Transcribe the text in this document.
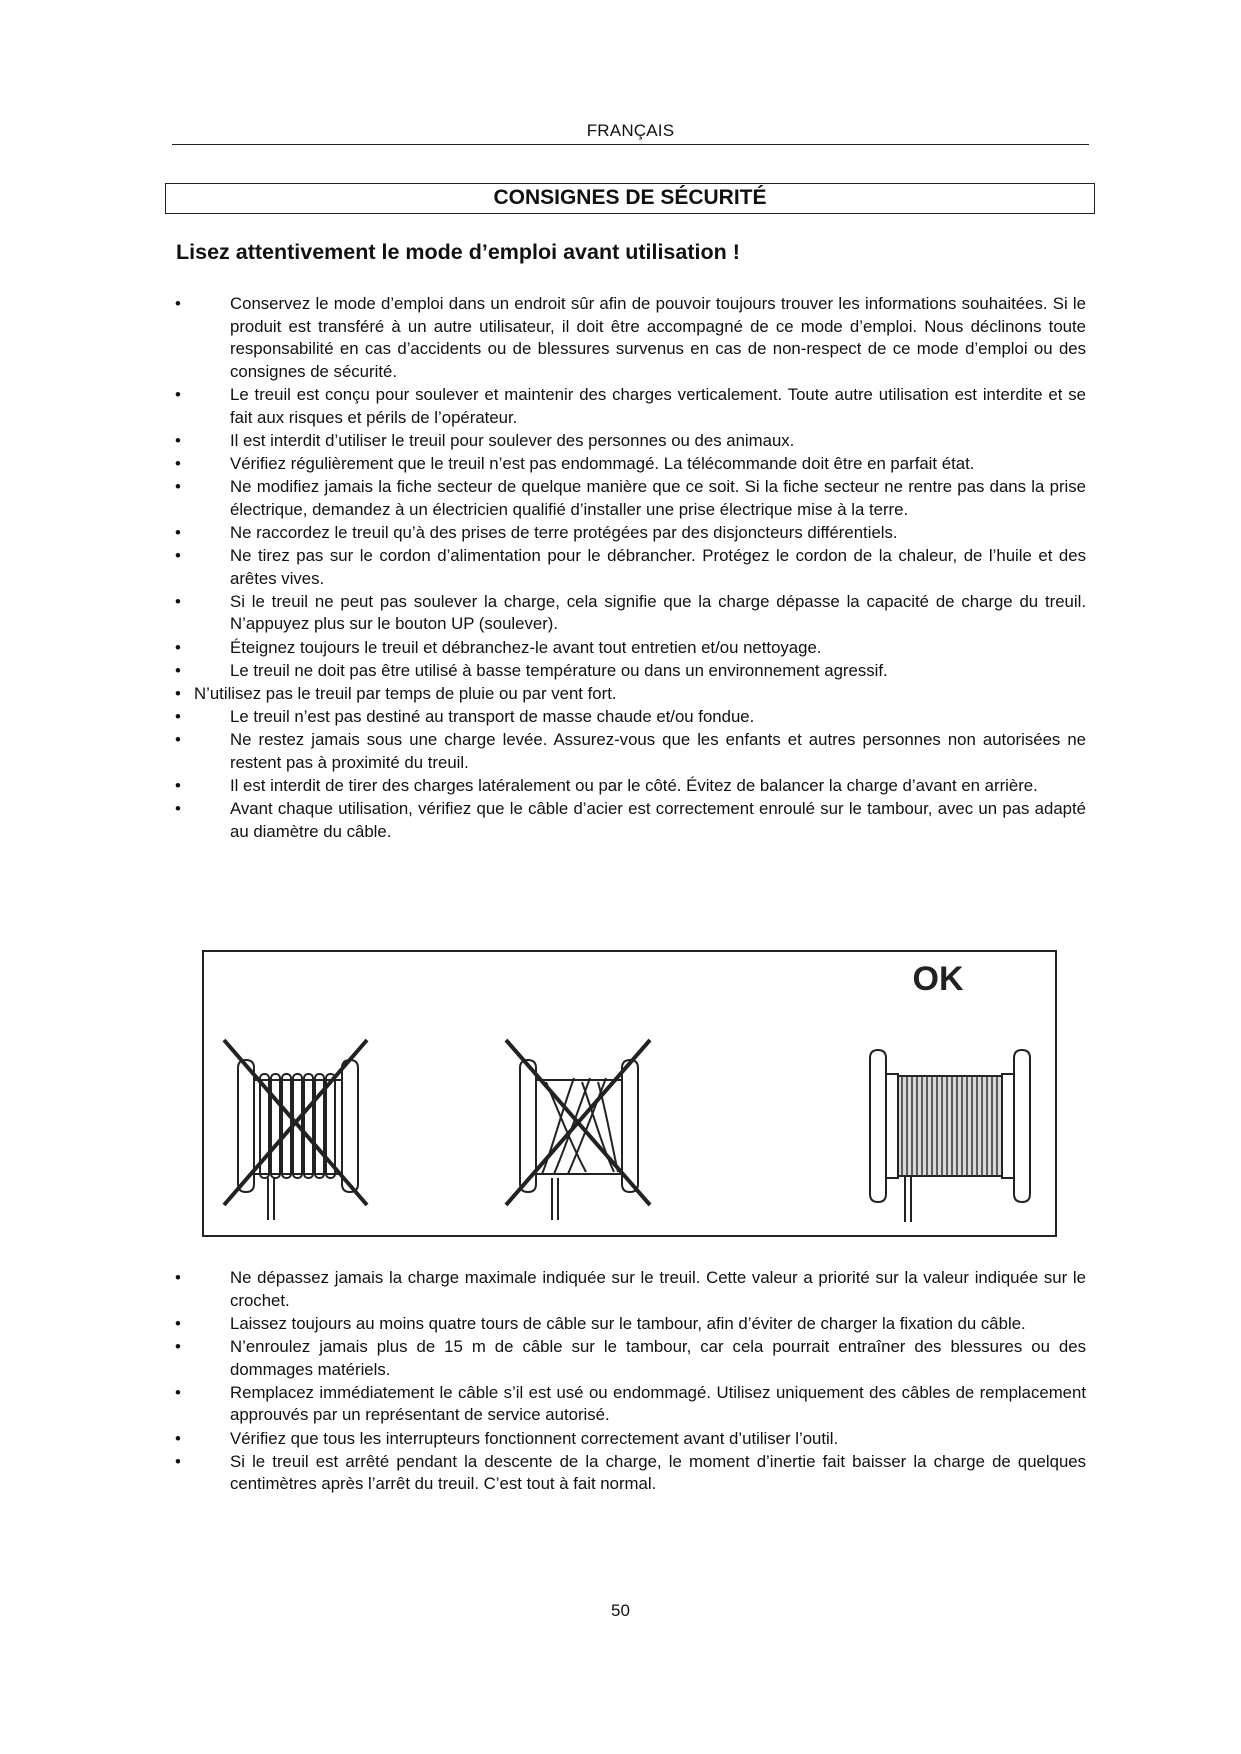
FRANÇAIS
CONSIGNES DE SÉCURITÉ
Lisez attentivement le mode d’emploi avant utilisation !
•	Conservez le mode d’emploi dans un endroit sûr afin de pouvoir toujours trouver les informations souhaitées. Si le produit est transféré à un autre utilisateur, il doit être accompagné de ce mode d’emploi. Nous déclinons toute responsabilité en cas d’accidents ou de blessures survenus en cas de non-respect de ce mode d’emploi ou des consignes de sécurité.
•	Le treuil est conçu pour soulever et maintenir des charges verticalement. Toute autre utilisation est interdite et se fait aux risques et périls de l’opérateur.
•	Il est interdit d’utiliser le treuil pour soulever des personnes ou des animaux.
•	Vérifiez régulièrement que le treuil n’est pas endommagé. La télécommande doit être en parfait état.
•	Ne modifiez jamais la fiche secteur de quelque manière que ce soit. Si la fiche secteur ne rentre pas dans la prise électrique, demandez à un électricien qualifié d’installer une prise électrique mise à la terre.
•	Ne raccordez le treuil qu’à des prises de terre protégées par des disjoncteurs différentiels.
•	Ne tirez pas sur le cordon d’alimentation pour le débrancher. Protégez le cordon de la chaleur, de l’huile et des arêtes vives.
•	Si le treuil ne peut pas soulever la charge, cela signifie que la charge dépasse la capacité de charge du treuil. N’appuyez plus sur le bouton UP (soulever).
•	Éteignez toujours le treuil et débranchez-le avant tout entretien et/ou nettoyage.
•	Le treuil ne doit pas être utilisé à basse température ou dans un environnement agressif.
• N’utilisez pas le treuil par temps de pluie ou par vent fort.
•	Le treuil n’est pas destiné au transport de masse chaude et/ou fondue.
•	Ne restez jamais sous une charge levée. Assurez-vous que les enfants et autres personnes non autorisées ne restent pas à proximité du treuil.
•	Il est interdit de tirer des charges latéralement ou par le côté. Évitez de balancer la charge d’avant en arrière.
•	Avant chaque utilisation, vérifiez que le câble d’acier est correctement enroulé sur le tambour, avec un pas adapté au diamètre du câble.
OK
•	Ne dépassez jamais la charge maximale indiquée sur le treuil. Cette valeur a priorité sur la valeur indiquée sur le crochet.
•	Laissez toujours au moins quatre tours de câble sur le tambour, afin d’éviter de charger la fixation du câble.
•	N’enroulez jamais plus de 15 m de câble sur le tambour, car cela pourrait entraîner des blessures ou des dommages matériels.
•	Remplacez immédiatement le câble s’il est usé ou endommagé. Utilisez uniquement des câbles de remplacement approuvés par un représentant de service autorisé.
•	Vérifiez que tous les interrupteurs fonctionnent correctement avant d’utiliser l’outil.
•	Si le treuil est arrêté pendant la descente de la charge, le moment d’inertie fait baisser la charge de quelques centimètres après l’arrêt du treuil. C’est tout à fait normal.
50
